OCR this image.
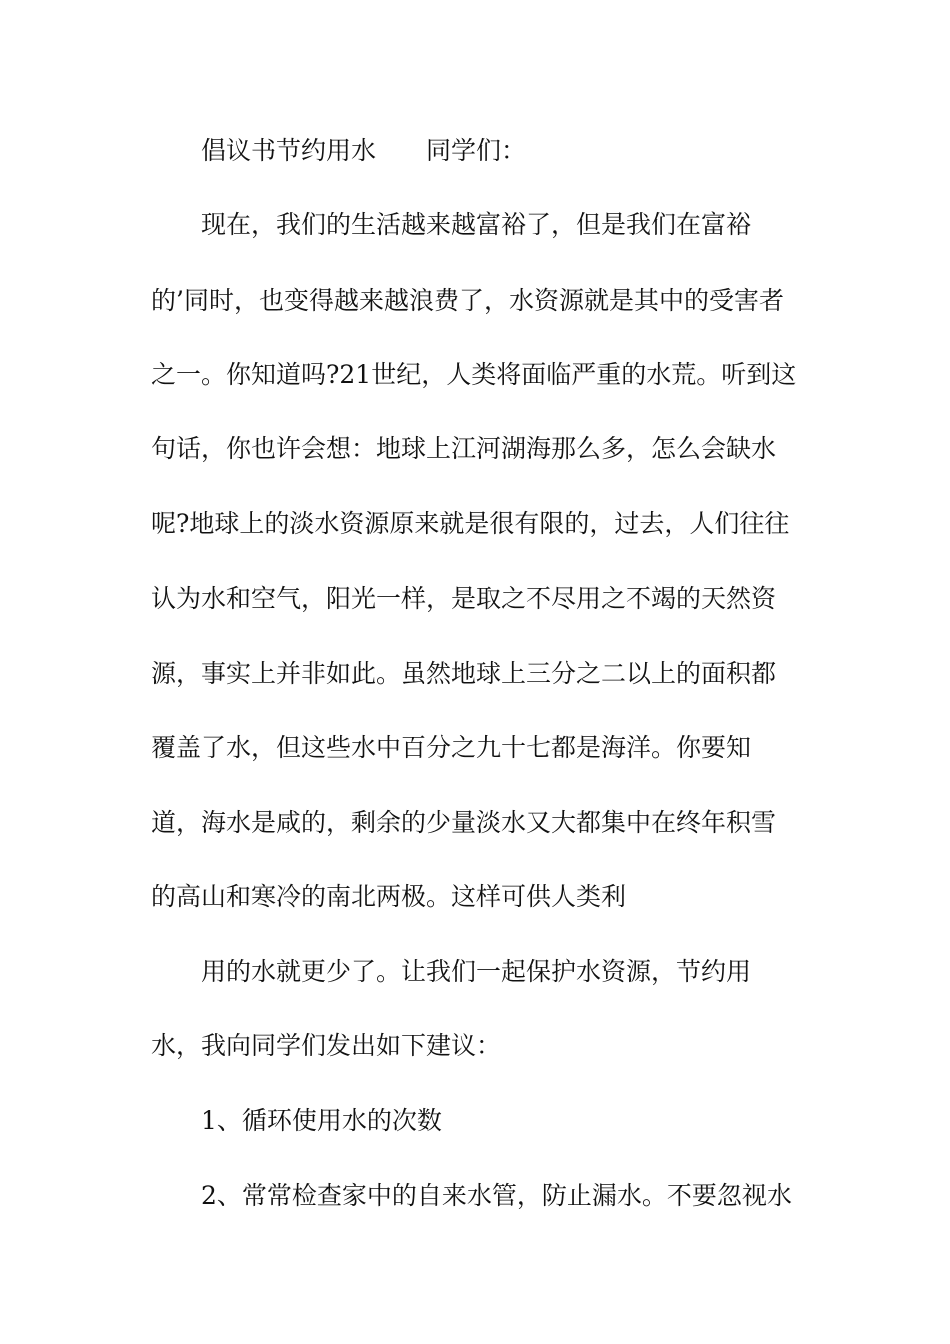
倡议书节约用水　　同学们：
现在，我们的生活越来越富裕了，但是我们在富裕
的’同时，也变得越来越浪费了，水资源就是其中的受害者
之一。你知道吗?21世纪，人类将面临严重的水荒。听到这
句话，你也许会想：地球上江河湖海那么多，怎么会缺水
呢?地球上的淡水资源原来就是很有限的，过去，人们往往
认为水和空气，阳光一样，是取之不尽用之不竭的天然资
源，事实上并非如此。虽然地球上三分之二以上的面积都
覆盖了水，但这些水中百分之九十七都是海洋。你要知
道，海水是咸的，剩余的少量淡水又大都集中在终年积雪
的高山和寒冷的南北两极。这样可供人类利
用的水就更少了。让我们一起保护水资源，节约用
水，我向同学们发出如下建议：
1、循环使用水的次数
2、常常检查家中的自来水管，防止漏水。不要忽视水
